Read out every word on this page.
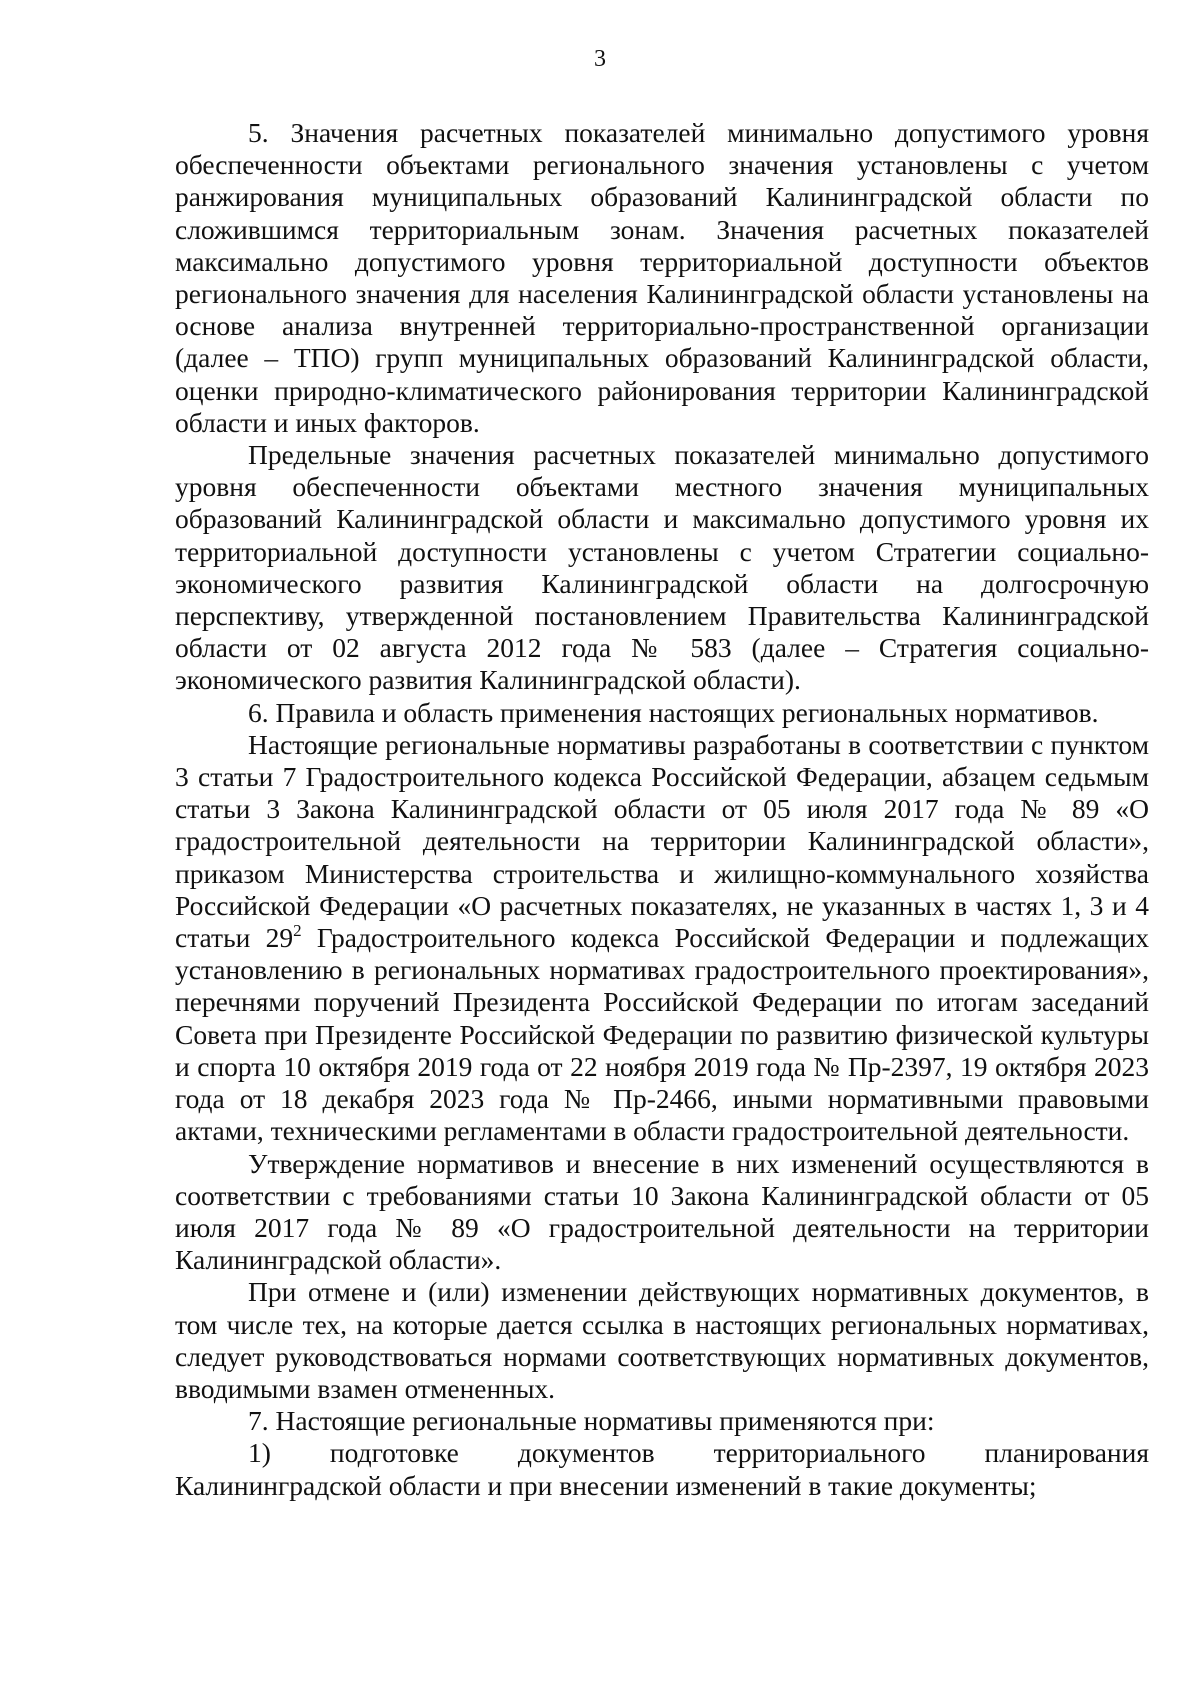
3

5. Значения расчетных показателей минимально допустимого уровня обеспеченности объектами регионального значения установлены с учетом ранжирования муниципальных образований Калининградской области по сложившимся территориальным зонам. Значения расчетных показателей максимально допустимого уровня территориальной доступности объектов регионального значения для населения Калининградской области установлены на основе анализа внутренней территориально-пространственной организации (далее – ТПО) групп муниципальных образований Калининградской области, оценки природно-климатического районирования территории Калининградской области и иных факторов.

Предельные значения расчетных показателей минимально допустимого уровня обеспеченности объектами местного значения муниципальных образований Калининградской области и максимально допустимого уровня их территориальной доступности установлены с учетом Стратегии социально-экономического развития Калининградской области на долгосрочную перспективу, утвержденной постановлением Правительства Калининградской области от 02 августа 2012 года № 583 (далее – Стратегия социально-экономического развития Калининградской области).

6. Правила и область применения настоящих региональных нормативов.

Настоящие региональные нормативы разработаны в соответствии с пунктом 3 статьи 7 Градостроительного кодекса Российской Федерации, абзацем седьмым статьи 3 Закона Калининградской области от 05 июля 2017 года № 89 «О градостроительной деятельности на территории Калининградской области», приказом Министерства строительства и жилищно-коммунального хозяйства Российской Федерации «О расчетных показателях, не указанных в частях 1, 3 и 4 статьи $29^2$ Градостроительного кодекса Российской Федерации и подлежащих установлению в региональных нормативах градостроительного проектирования», перечнями поручений Президента Российской Федерации по итогам заседаний Совета при Президенте Российской Федерации по развитию физической культуры и спорта 10 октября 2019 года от 22 ноября 2019 года № Пр-2397, 19 октября 2023 года от 18 декабря 2023 года № Пр-2466, иными нормативными правовыми актами, техническими регламентами в области градостроительной деятельности.

Утверждение нормативов и внесение в них изменений осуществляются в соответствии с требованиями статьи 10 Закона Калининградской области от 05 июля 2017 года № 89 «О градостроительной деятельности на территории Калининградской области».

При отмене и (или) изменении действующих нормативных документов, в том числе тех, на которые дается ссылка в настоящих региональных нормативах, следует руководствоваться нормами соответствующих нормативных документов, вводимыми взамен отмененных.

7. Настоящие региональные нормативы применяются при:

1) подготовке документов территориального планирования Калининградской области и при внесении изменений в такие документы;
